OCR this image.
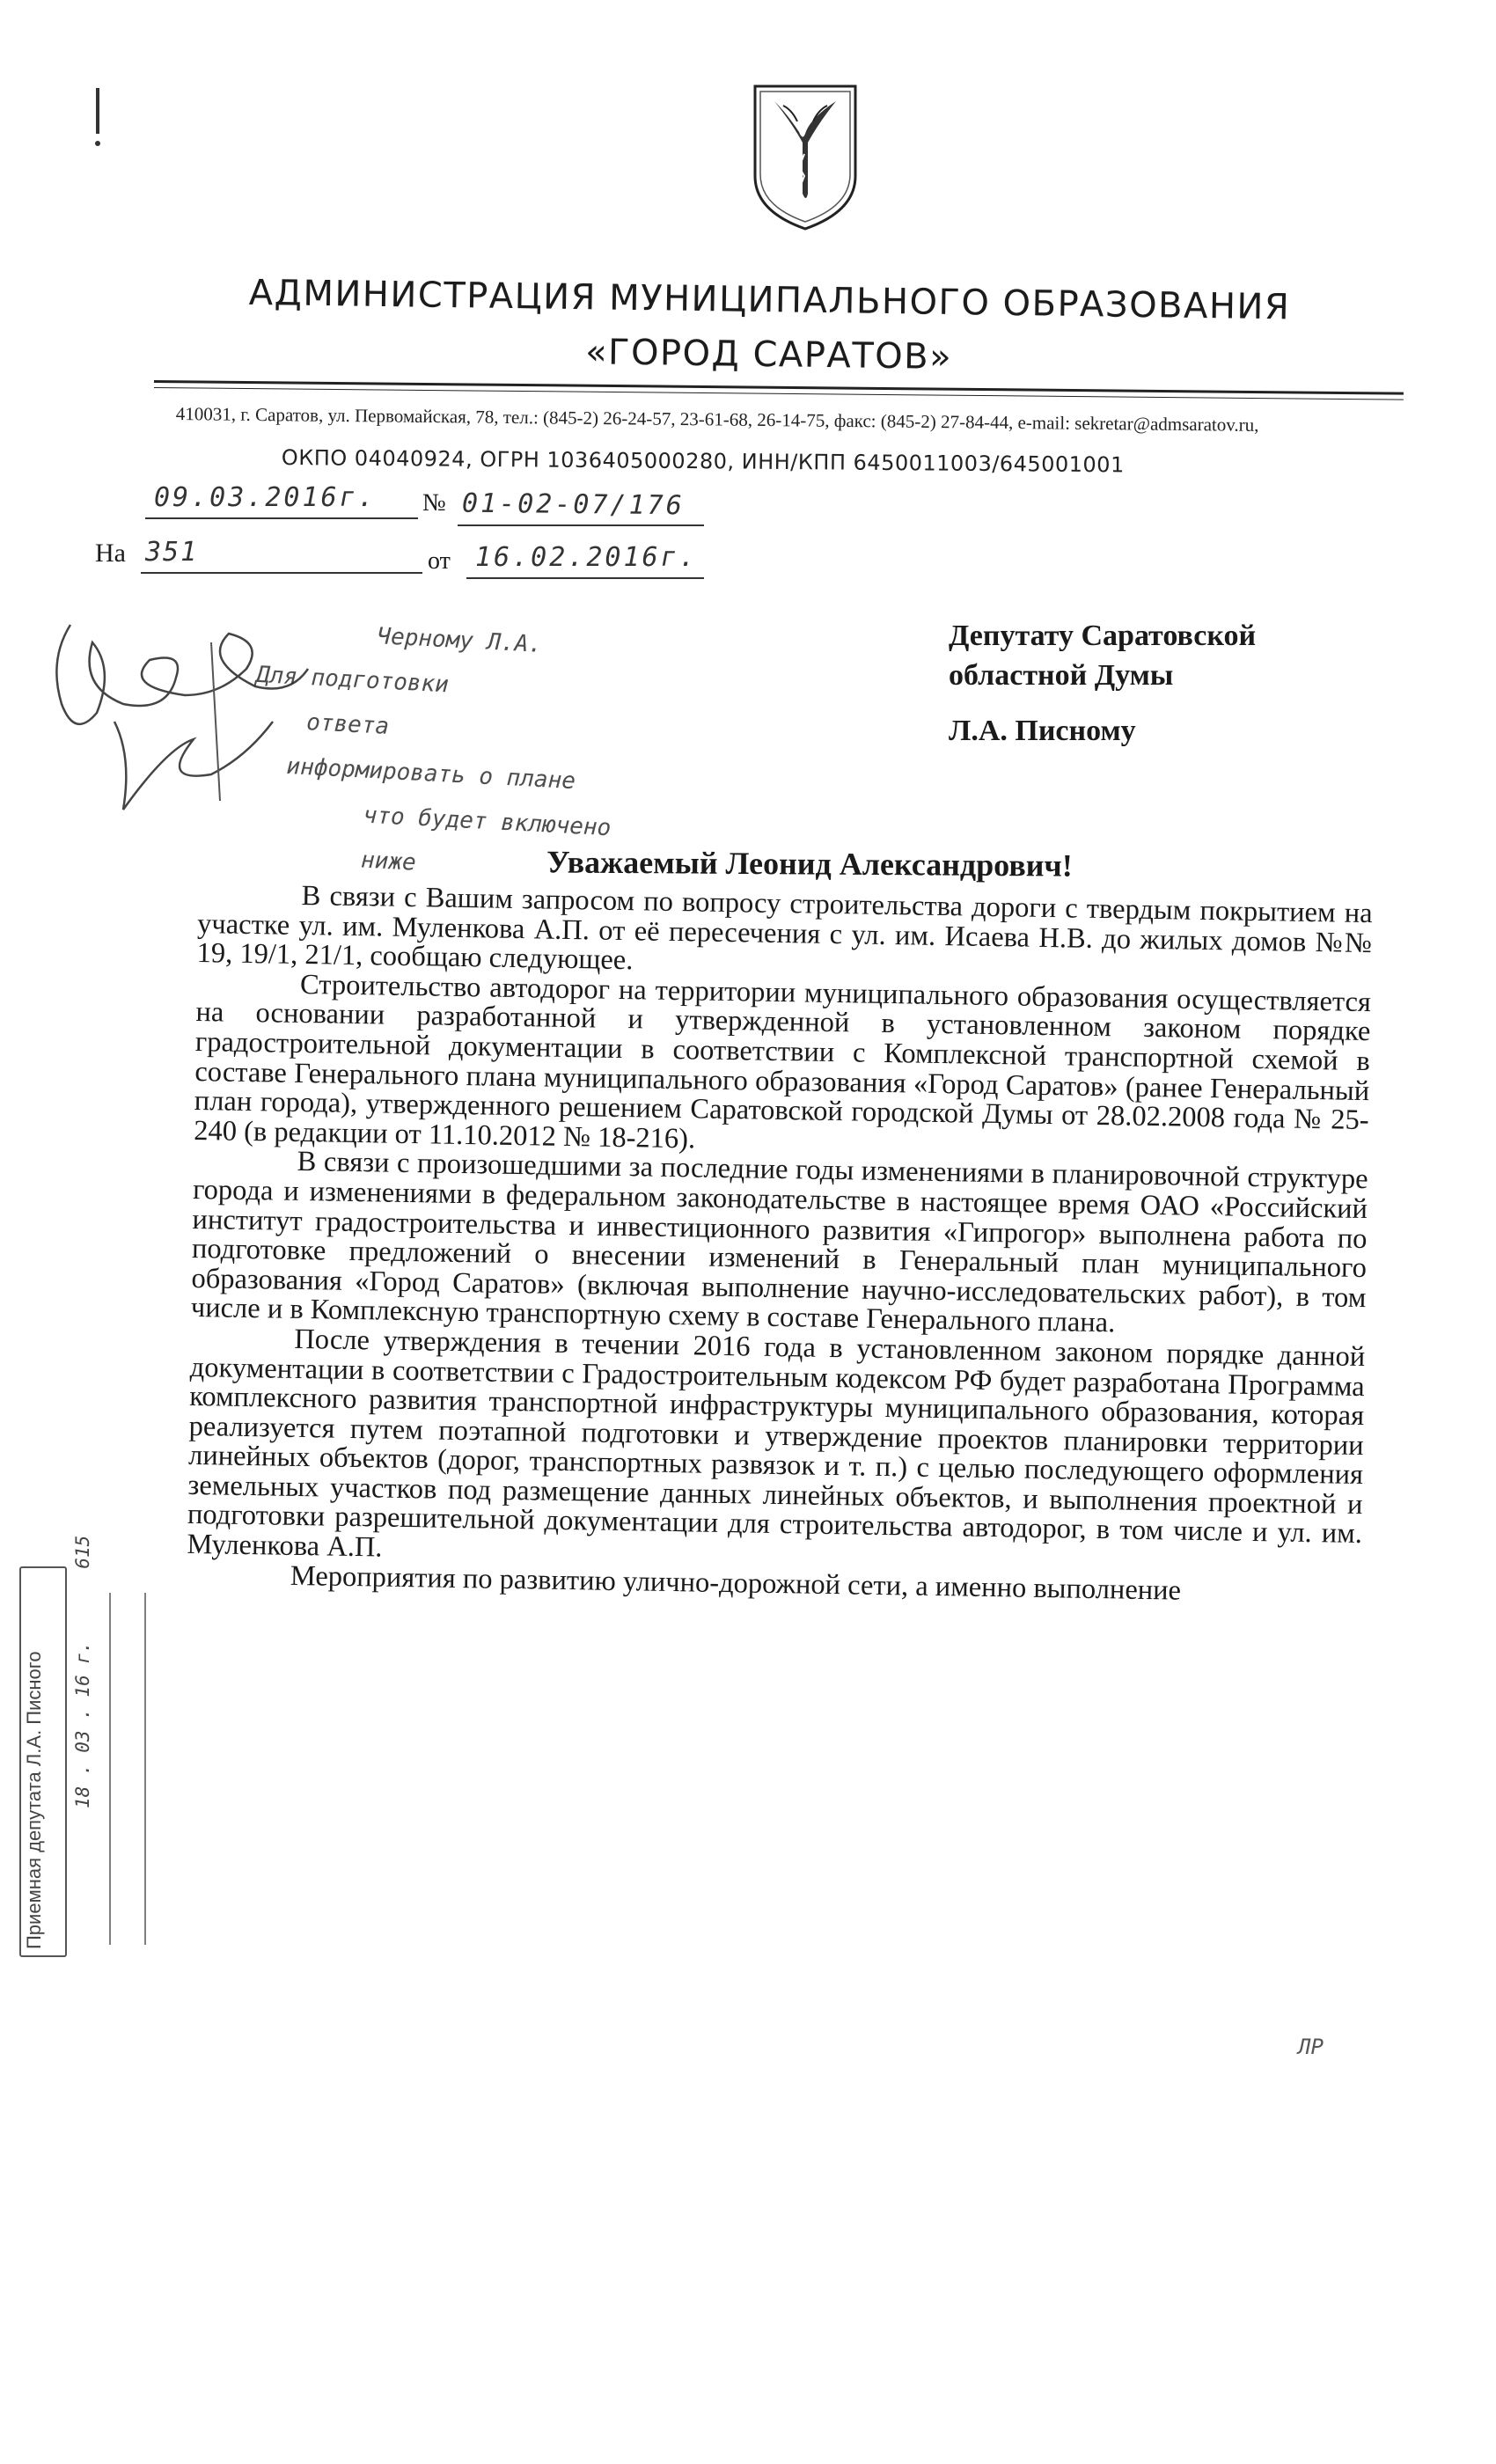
АДМИНИСТРАЦИЯ МУНИЦИПАЛЬНОГО ОБРАЗОВАНИЯ
«ГОРОД САРАТОВ»
410031, г. Саратов, ул. Первомайская, 78, тел.: (845-2) 26-24-57, 23-61-68, 26-14-75, факс: (845-2) 27-84-44, e-mail: sekretar@admsaratov.ru,
ОКПО 04040924, ОГРН 1036405000280, ИНН/КПП 6450011003/645001001
09.03.2016г. № 01-02-07/176
На 351	от 16.02.2016г.
Депутату Саратовской
областной Думы
Л.А. Писному
Черному Л.А.
Для подготовки
ответа
информировать о плане
что будет включено
ниже	Уважаемый Леонид Александрович!

В связи с Вашим запросом по вопросу строительства дороги с твердым покрытием на участке ул. им. Муленкова А.П. от её пересечения с ул. им. Исаева Н.В. до жилых домов №№ 19, 19/1, 21/1, сообщаю следующее.

Строительство автодорог на территории муниципального образования осуществляется на основании разработанной и утвержденной в установленном законом порядке градостроительной документации в соответствии с Комплексной транспортной схемой в составе Генерального плана муниципального образования «Город Саратов» (ранее Генеральный план города), утвержденного решением Саратовской городской Думы от 28.02.2008 года № 25-240 (в редакции от 11.10.2012 № 18-216).

В связи с произошедшими за последние годы изменениями в планировочной структуре города и изменениями в федеральном законодательстве в настоящее время ОАО «Российский институт градостроительства и инвестиционного развития «Гипрогор» выполнена работа по подготовке предложений о внесении изменений в Генеральный план муниципального образования «Город Саратов» (включая выполнение научно-исследовательских работ), в том числе и в Комплексную транспортную схему в составе Генерального плана.

После утверждения в течении 2016 года в установленном законом порядке данной документации в соответствии с Градостроительным кодексом РФ будет разработана Программа комплексного развития транспортной инфраструктуры муниципального образования, которая реализуется путем поэтапной подготовки и утверждение проектов планировки территории линейных объектов (дорог, транспортных развязок и т. п.) с целью последующего оформления земельных участков под размещение данных линейных объектов, и выполнения проектной и подготовки разрешительной документации для строительства автодорог, в том числе и ул. им. Муленкова А.П.

Мероприятия по развитию улично-дорожной сети, а именно выполнение

Приемная депутата Л.А. Писного	18 . 03 . 16 г. 615
ЛР
